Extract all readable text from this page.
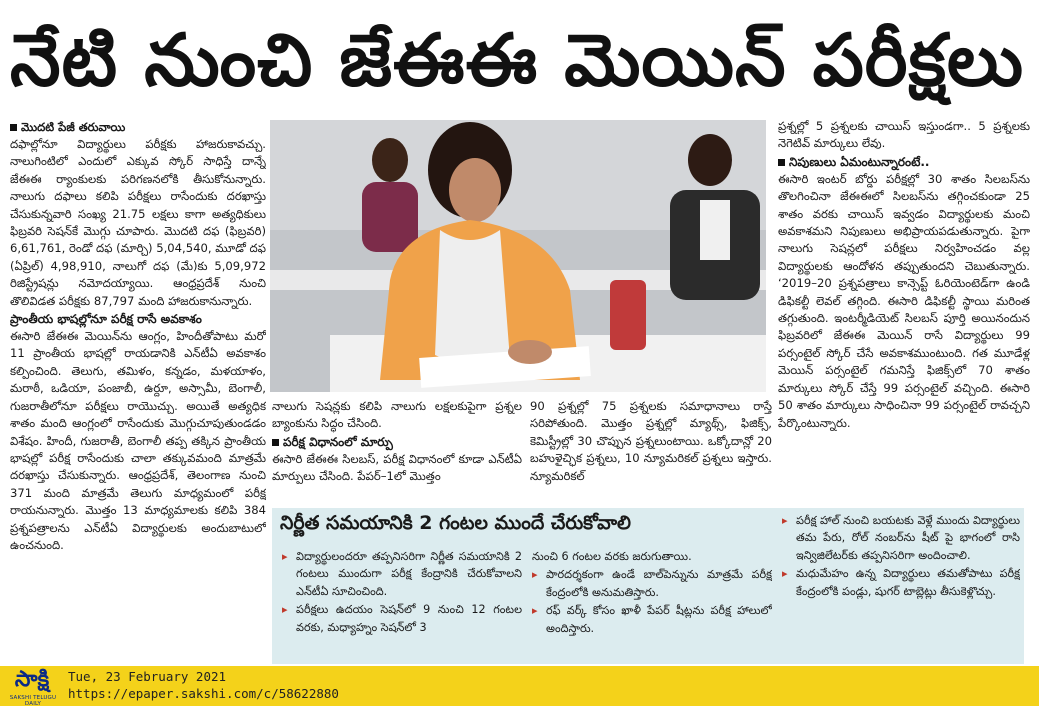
నేటి నుంచి జేఈఈ మెయిన్ పరీక్షలు
మొదటి పేజీ తరువాయి

దఫాల్లోనూ విద్యార్థులు పరీక్షకు హాజరుకావచ్చు. నాలుగింటిలో ఎందులో ఎక్కువ స్కోర్ సాధిస్తే దాన్నే జేఈఈ ర్యాంకులకు పరిగణనలోకి తీసుకోనున్నారు. నాలుగు దఫాలు కలిపి పరీక్షలు రాసేందుకు దరఖాస్తు చేసుకున్నవారి సంఖ్య 21.75 లక్షలు కాగా అత్యధికులు ఫిబ్రవరి సెషన్‌కే మొగ్గు చూపారు. మొదటి దఫ (ఫిబ్రవరి) 6,61,761, రెండో దఫ (మార్చి) 5,04,540, మూడో దఫ (ఏప్రిల్) 4,98,910, నాలుగో దఫ (మే)కు 5,09,972 రిజిస్ట్రేషన్లు నమోదయ్యాయి. ఆంధ్రప్రదేశ్ నుంచి తొలివిడత పరీక్షకు 87,797 మంది హాజరుకానున్నారు.

ప్రాంతీయ భాషల్లోనూ పరీక్ష రాసే అవకాశం

ఈసారి జేఈఈ మెయిన్‌ను ఆంగ్లం, హిందీతోపాటు మరో 11 ప్రాంతీయ భాషల్లో రాయడానికి ఎన్‌టీఏ అవకాశం కల్పించింది. తెలుగు, తమిళం, కన్నడం, మళయాళం, మరాఠీ, ఒడియా, పంజాబీ, ఉర్దూ, అస్సామీ, బెంగాలీ, గుజరాతీలోనూ పరీక్షలు రాయొచ్చు. అయితే అత్యధిక శాతం మంది ఆంగ్లంలో రాసేందుకు మొగ్గుచూపుతుండడం విశేషం. హిందీ, గుజరాతీ, బెంగాలీ తప్ప తక్కిన ప్రాంతీయ భాషల్లో పరీక్ష రాసేందుకు చాలా తక్కువమంది మాత్రమే దరఖాస్తు చేసుకున్నారు. ఆంధ్రప్రదేశ్, తెలంగాణ నుంచి 371 మంది మాత్రమే తెలుగు మాధ్యమంలో పరీక్ష రాయనున్నారు. మొత్తం 13 మాధ్యమాలకు కలిపి 384 ప్రశ్నపత్రాలను ఎన్‌టీఏ విద్యార్థులకు అందుబాటులో ఉంచనుంది.

నాలుగు సెషన్లకు కలిపి నాలుగు లక్షలకుపైగా ప్రశ్నల బ్యాంకును సిద్ధం చేసింది.

పరీక్ష విధానంలో మార్పు

ఈసారి జేఈఈ సిలబస్, పరీక్ష విధానంలో కూడా ఎన్‌టీఏ మార్పులు చేసింది. పేపర్–1లో మొత్తం

90 ప్రశ్నల్లో 75 ప్రశ్నలకు సమాధానాలు రాస్తే సరిపోతుంది. మొత్తం ప్రశ్నల్లో మ్యాథ్స్, ఫిజిక్స్, కెమిస్ట్రీల్లో 30 చొప్పున ప్రశ్నలుంటాయి. ఒక్కోదాన్లో 20 బహుళైచ్ఛిక ప్రశ్నలు, 10 న్యూమరికల్ ప్రశ్నలు ఇస్తారు. న్యూమరికల్

ప్రశ్నల్లో 5 ప్రశ్నలకు చాయిస్ ఇస్తుండగా.. 5 ప్రశ్నలకు నెగెటివ్ మార్కులు లేవు.

నిపుణులు ఏమంటున్నారంటే..

ఈసారి ఇంటర్ బోర్డు పరీక్షల్లో 30 శాతం సిలబస్‌ను తొలగించినా జేఈఈలో సిలబస్‌ను తగ్గించకుండా 25 శాతం వరకు చాయిస్ ఇవ్వడం విద్యార్థులకు మంచి అవకాశమని నిపుణులు అభిప్రాయపడుతున్నారు. పైగా నాలుగు సెషన్లలో పరీక్షలు నిర్వహించడం వల్ల విద్యార్థులకు ఆందోళన తప్పుతుందని చెబుతున్నారు. ‘2019–20 ప్రశ్నపత్రాలు కాన్సెప్ట్ ఓరియెంటెడ్‌గా ఉండి డిఫికల్టీ లెవల్ తగ్గింది. ఈసారి డిఫికల్టీ స్థాయి మరింత తగ్గుతుంది. ఇంటర్మీడియెట్ సిలబస్ పూర్తి అయినందున ఫిబ్రవరిలో జేఈఈ మెయిన్ రాసే విద్యార్థులు 99 పర్సంటైల్ స్కోర్ చేసే అవకాశముంటుంది. గత మూడేళ్ల మెయిన్ పర్సంటైల్ గమనిస్తే ఫిజిక్స్‌లో 70 శాతం మార్కులు స్కోర్ చేస్తే 99 పర్సంటైల్ వచ్చింది. ఈసారి 50 శాతం మార్కులు సాధించినా 99 పర్సంటైల్ రావచ్చని పేర్కొంటున్నారు.

నిర్ణీత సమయానికి 2 గంటల ముందే చేరుకోవాలి
▸ విద్యార్థులందరూ తప్పనిసరిగా నిర్ణీత సమయానికి 2 గంటలు ముందుగా పరీక్ష కేంద్రానికి చేరుకోవాలని ఎన్‌టీఏ సూచించింది.
▸ పరీక్షలు ఉదయం సెషన్‌లో 9 నుంచి 12 గంటల వరకు, మధ్యాహ్నం సెషన్‌లో 3
నుంచి 6 గంటల వరకు జరుగుతాయి.
▸ పారదర్శకంగా ఉండే బాల్‌పెన్నును మాత్రమే పరీక్ష కేంద్రంలోకి అనుమతిస్తారు.
▸ రఫ్ వర్క్ కోసం ఖాళీ పేపర్ షీట్లను పరీక్ష హాలులో అందిస్తారు.
▸ పరీక్ష హాల్ నుంచి బయటకు వెళ్లే ముందు విద్యార్థులు తమ పేరు, రోల్ నంబర్‌ను షీట్ పై భాగంలో రాసి ఇన్విజిలేటర్‌కు తప్పనిసరిగా అందించాలి.
▸ మధుమేహం ఉన్న విద్యార్థులు తమతోపాటు పరీక్ష కేంద్రంలోకి పండ్లు, షుగర్ టాబ్లెట్లు తీసుకెళ్లొచ్చు.
సాక్షి
SAKSHI TELUGU DAILY
Tue, 23 February 2021
https://epaper.sakshi.com/c/58622880
